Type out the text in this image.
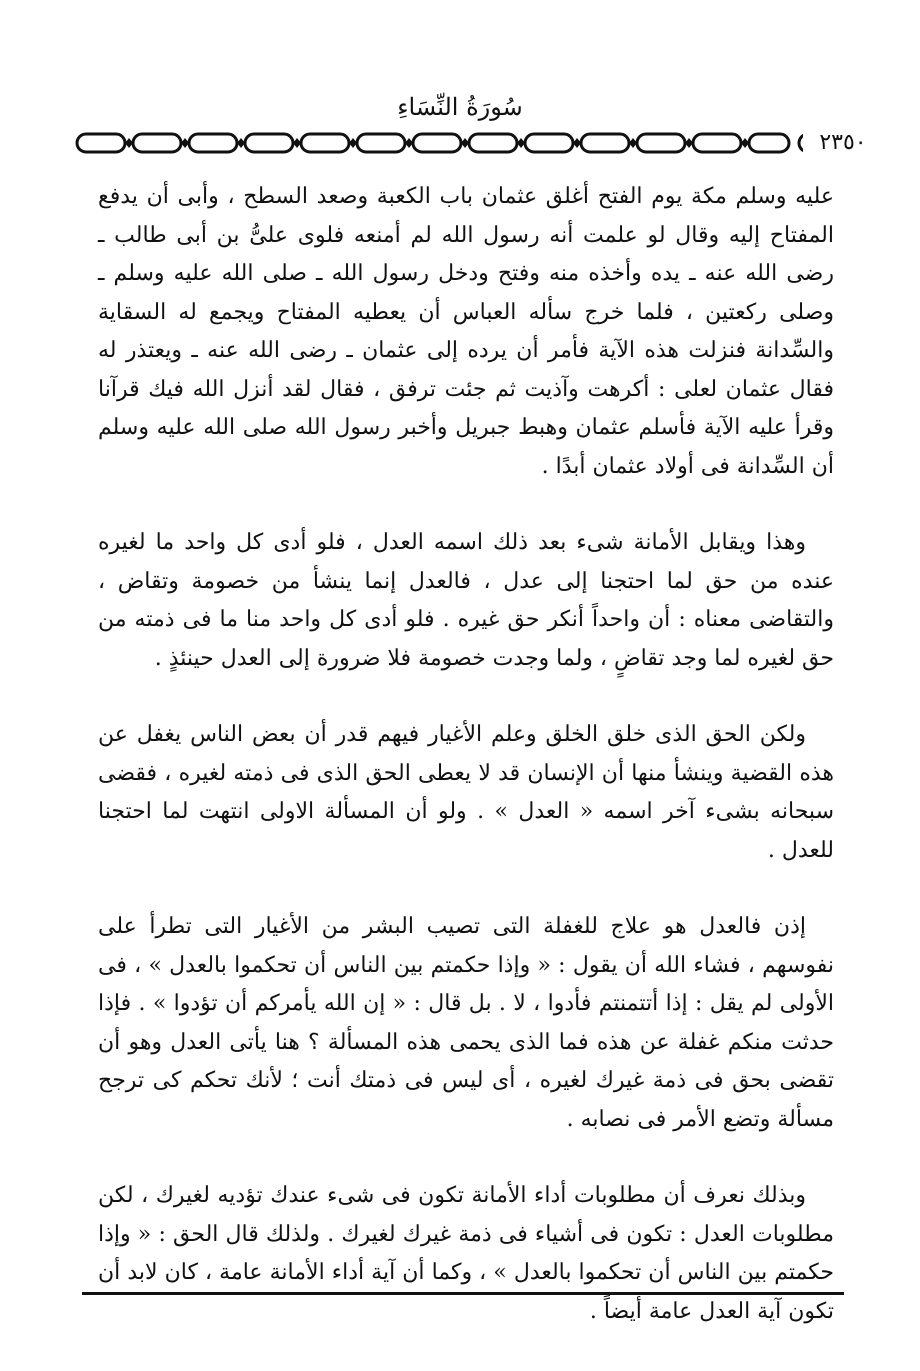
سُورَةُ النِّسَاءِ
٢٣٥٠

عليه وسلم مكة يوم الفتح أغلق عثمان باب الكعبة وصعد السطح ، وأبى أن يدفع المفتاح إليه وقال لو علمت أنه رسول الله لم أمنعه فلوى علىُّ بن أبى طالب ـ رضى الله عنه ـ يده وأخذه منه وفتح ودخل رسول الله ـ صلى الله عليه وسلم ـ وصلى ركعتين ، فلما خرج سأله العباس أن يعطيه المفتاح ويجمع له السقاية والسِّدانة فنزلت هذه الآية فأمر أن يرده إلى عثمان ـ رضى الله عنه ـ ويعتذر له فقال عثمان لعلى : أكرهت وآذيت ثم جئت ترفق ، فقال لقد أنزل الله فيك قرآنا وقرأ عليه الآية فأسلم عثمان وهبط جبريل وأخبر رسول الله صلى الله عليه وسلم أن السِّدانة فى أولاد عثمان أبدًا .

وهذا ويقابل الأمانة شىء بعد ذلك اسمه العدل ، فلو أدى كل واحد ما لغيره عنده من حق لما احتجنا إلى عدل ، فالعدل إنما ينشأ من خصومة وتقاض ، والتقاضى معناه : أن واحداً أنكر حق غيره . فلو أدى كل واحد منا ما فى ذمته من حق لغيره لما وجد تقاضٍ ، ولما وجدت خصومة فلا ضرورة إلى العدل حينئذٍ .

ولكن الحق الذى خلق الخلق وعلم الأغيار فيهم قدر أن بعض الناس يغفل عن هذه القضية وينشأ منها أن الإنسان قد لا يعطى الحق الذى فى ذمته لغيره ، فقضى سبحانه بشىء آخر اسمه « العدل » . ولو أن المسألة الاولى انتهت لما احتجنا للعدل .

إذن فالعدل هو علاج للغفلة التى تصيب البشر من الأغيار التى تطرأ على نفوسهم ، فشاء الله أن يقول : « وإذا حكمتم بين الناس أن تحكموا بالعدل » ، فى الأولى لم يقل : إذا أتتمنتم فأدوا ، لا . بل قال : « إن الله يأمركم أن تؤدوا » . فإذا حدثت منكم غفلة عن هذه فما الذى يحمى هذه المسألة ؟ هنا يأتى العدل وهو أن تقضى بحق فى ذمة غيرك لغيره ، أى ليس فى ذمتك أنت ؛ لأنك تحكم كى ترجح مسألة وتضع الأمر فى نصابه .

وبذلك نعرف أن مطلوبات أداء الأمانة تكون فى شىء عندك تؤديه لغيرك ، لكن مطلوبات العدل : تكون فى أشياء فى ذمة غيرك لغيرك . ولذلك قال الحق : « وإذا حكمتم بين الناس أن تحكموا بالعدل » ، وكما أن آية أداء الأمانة عامة ، كان لابد أن تكون آية العدل عامة أيضاً .
